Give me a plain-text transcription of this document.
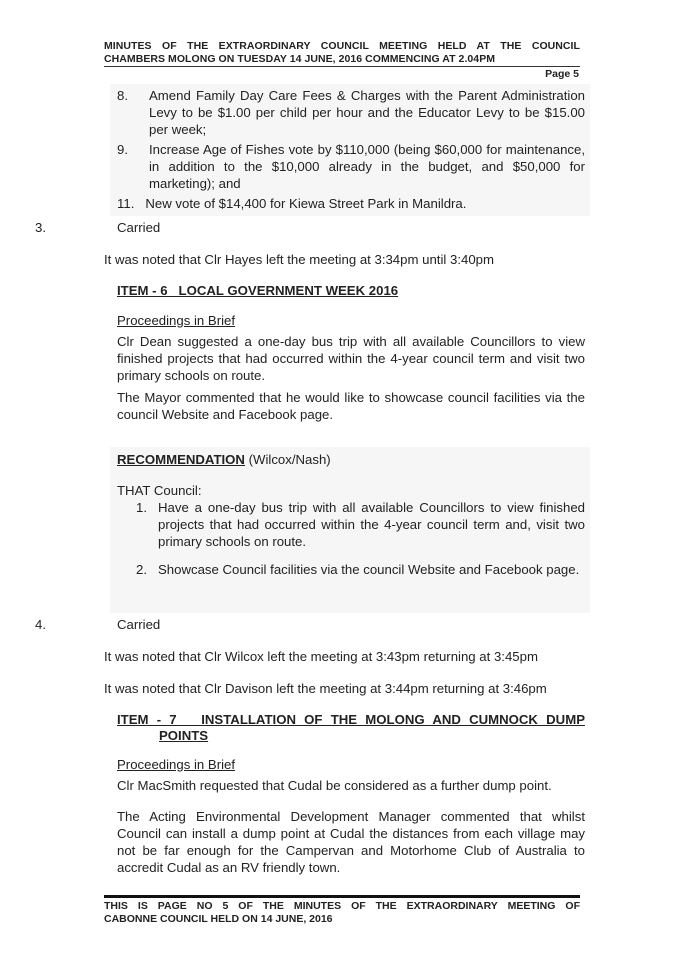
MINUTES OF THE EXTRAORDINARY COUNCIL MEETING HELD AT THE COUNCIL
CHAMBERS MOLONG ON TUESDAY 14 JUNE, 2016 COMMENCING AT 2.04PM
Page 5
8.	Amend Family Day Care Fees & Charges with the Parent Administration Levy to be $1.00 per child per hour and the Educator Levy to be $15.00 per week;
9.	Increase Age of Fishes vote by $110,000 (being $60,000 for maintenance, in addition to the $10,000 already in the budget, and $50,000 for marketing); and
11. New vote of $14,400 for Kiewa Street Park in Manildra.
3.	Carried
It was noted that Clr Hayes left the meeting at 3:34pm until 3:40pm
ITEM - 6   LOCAL GOVERNMENT WEEK 2016
Proceedings in Brief
Clr Dean suggested a one-day bus trip with all available Councillors to view finished projects that had occurred within the 4-year council term and visit two primary schools on route.
The Mayor commented that he would like to showcase council facilities via the council Website and Facebook page.
RECOMMENDATION (Wilcox/Nash)
THAT Council:
1. Have a one-day bus trip with all available Councillors to view finished projects that had occurred within the 4-year council term and, visit two primary schools on route.
2. Showcase Council facilities via the council Website and Facebook page.
4.	Carried
It was noted that Clr Wilcox left the meeting at 3:43pm returning at 3:45pm
It was noted that Clr Davison left the meeting at 3:44pm returning at 3:46pm
ITEM - 7   INSTALLATION OF THE MOLONG AND CUMNOCK DUMP
POINTS
Proceedings in Brief
Clr MacSmith requested that Cudal be considered as a further dump point.
The Acting Environmental Development Manager commented that whilst Council can install a dump point at Cudal the distances from each village may not be far enough for the Campervan and Motorhome Club of Australia to accredit Cudal as an RV friendly town.
THIS IS PAGE NO 5 OF THE MINUTES OF THE EXTRAORDINARY MEETING OF
CABONNE COUNCIL HELD ON 14 JUNE, 2016
